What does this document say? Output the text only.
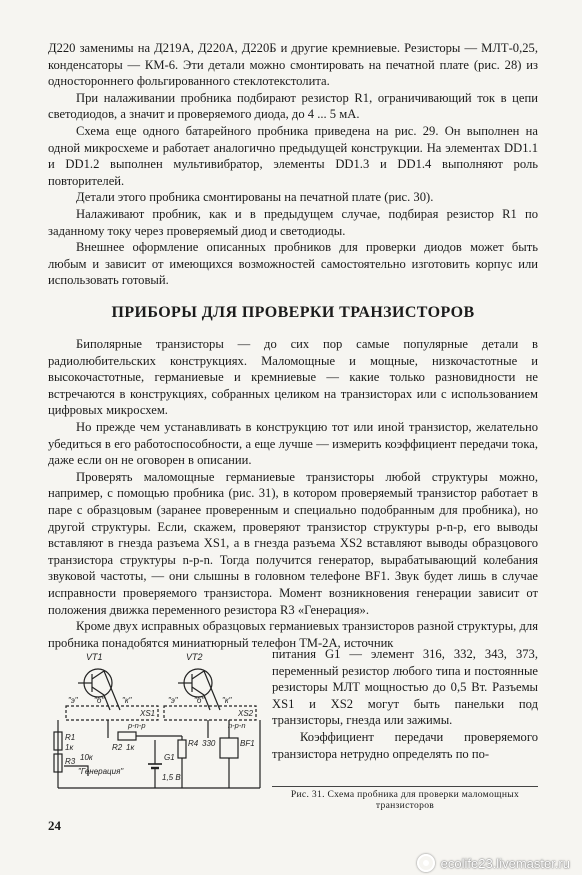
Д220 заменимы на Д219А, Д220А, Д220Б и другие кремниевые. Резисторы — МЛТ-0,25, конденсаторы — КМ-6. Эти детали можно смонтировать на печатной плате (рис. 28) из одностороннего фольгированного стеклотекстолита.

При налаживании пробника подбирают резистор R1, ограничивающий ток в цепи светодиодов, а значит и проверяемого диода, до 4 ... 5 мА.

Схема еще одного батарейного пробника приведена на рис. 29. Он выполнен на одной микросхеме и работает аналогично предыдущей конструкции. На элементах DD1.1 и DD1.2 выполнен мультивибратор, элементы DD1.3 и DD1.4 выполняют роль повторителей.

Детали этого пробника смонтированы на печатной плате (рис. 30).

Налаживают пробник, как и в предыдущем случае, подбирая резистор R1 по заданному току через проверяемый диод и светодиоды.

Внешнее оформление описанных пробников для проверки диодов может быть любым и зависит от имеющихся возможностей самостоятельно изготовить корпус или использовать готовый.

ПРИБОРЫ ДЛЯ ПРОВЕРКИ ТРАНЗИСТОРОВ

Биполярные транзисторы — до сих пор самые популярные детали в радиолюбительских конструкциях. Маломощные и мощные, низкочастотные и высокочастотные, германиевые и кремниевые — какие только разновидности не встречаются в конструкциях, собранных целиком на транзисторах или с использованием цифровых микросхем.

Но прежде чем устанавливать в конструкцию тот или иной транзистор, желательно убедиться в его работоспособности, а еще лучше — измерить коэффициент передачи тока, даже если он не оговорен в описании.

Проверять маломощные германиевые транзисторы любой структуры можно, например, с помощью пробника (рис. 31), в котором проверяемый транзистор работает в паре с образцовым (заранее проверенным и специально подобранным для пробника), но другой структуры. Если, скажем, проверяют транзистор структуры p-n-p, его выводы вставляют в гнезда разъема XS1, а в гнезда разъема XS2 вставляют выводы образцового транзистора структуры n-p-n. Тогда получится генератор, вырабатывающий колебания звуковой частоты, — они слышны в головном телефоне BF1. Звук будет лишь в случае исправности проверяемого транзистора. Момент возникновения генерации зависит от положения движка переменного резистора R3 «Генерация».

Кроме двух исправных образцовых германиевых транзисторов разной структуры, для пробника понадобятся миниатюрный телефон ТМ-2А, источник

VT1	VT2
"э" "б" "к"	"э" "б" "к"
XS1	XS2
p-n-p	n-p-n
R1
1к	R2 1к
R3 10к
R4 330
G1
1,5 В
BF1
"Генерация"

питания G1 — элемент 316, 332, 343, 373, переменный резистор любого типа и постоянные резисторы МЛТ мощностью до 0,5 Вт. Разъемы XS1 и XS2 могут быть панельки под транзисторы, гнезда или зажимы.

Коэффициент передачи проверяемого транзистора нетрудно определять по по-

Рис. 31. Схема пробника для проверки маломощных транзисторов
24
ecolife23.livemaster.ru
